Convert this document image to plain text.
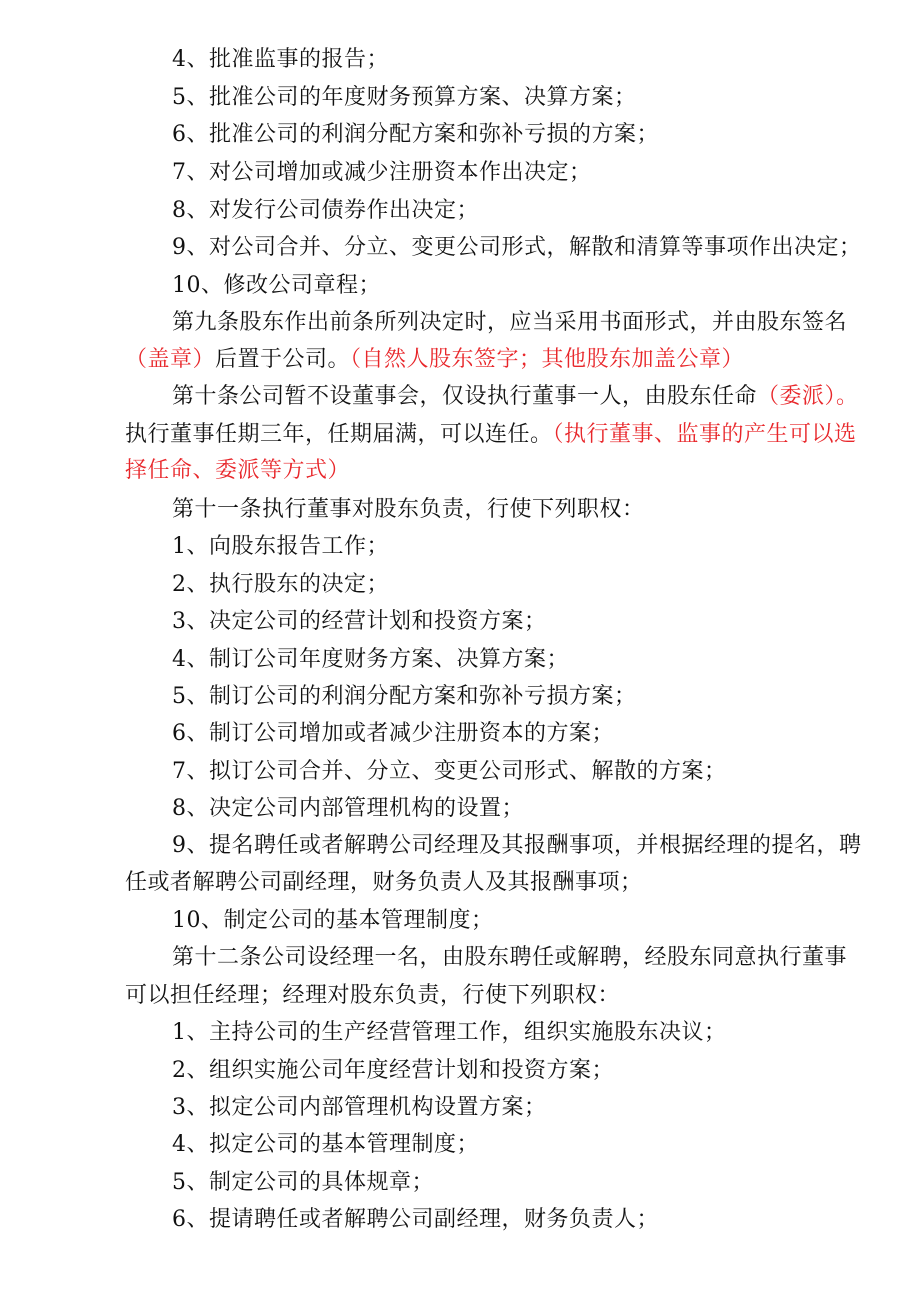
4、批准监事的报告；
5、批准公司的年度财务预算方案、决算方案；
6、批准公司的利润分配方案和弥补亏损的方案；
7、对公司增加或减少注册资本作出决定；
8、对发行公司债券作出决定；
9、对公司合并、分立、变更公司形式，解散和清算等事项作出决定；
10、修改公司章程；
第九条股东作出前条所列决定时，应当采用书面形式，并由股东签名
（盖章）后置于公司。（自然人股东签字；其他股东加盖公章）
第十条公司暂不设董事会，仅设执行董事一人，由股东任命（委派）。
执行董事任期三年，任期届满，可以连任。（执行董事、监事的产生可以选
择任命、委派等方式）
第十一条执行董事对股东负责，行使下列职权：
1、向股东报告工作；
2、执行股东的决定；
3、决定公司的经营计划和投资方案；
4、制订公司年度财务方案、决算方案；
5、制订公司的利润分配方案和弥补亏损方案；
6、制订公司增加或者减少注册资本的方案；
7、拟订公司合并、分立、变更公司形式、解散的方案；
8、决定公司内部管理机构的设置；
9、提名聘任或者解聘公司经理及其报酬事项，并根据经理的提名，聘
任或者解聘公司副经理，财务负责人及其报酬事项；
10、制定公司的基本管理制度；
第十二条公司设经理一名，由股东聘任或解聘，经股东同意执行董事
可以担任经理；经理对股东负责，行使下列职权：
1、主持公司的生产经营管理工作，组织实施股东决议；
2、组织实施公司年度经营计划和投资方案；
3、拟定公司内部管理机构设置方案；
4、拟定公司的基本管理制度；
5、制定公司的具体规章；
6、提请聘任或者解聘公司副经理，财务负责人；
